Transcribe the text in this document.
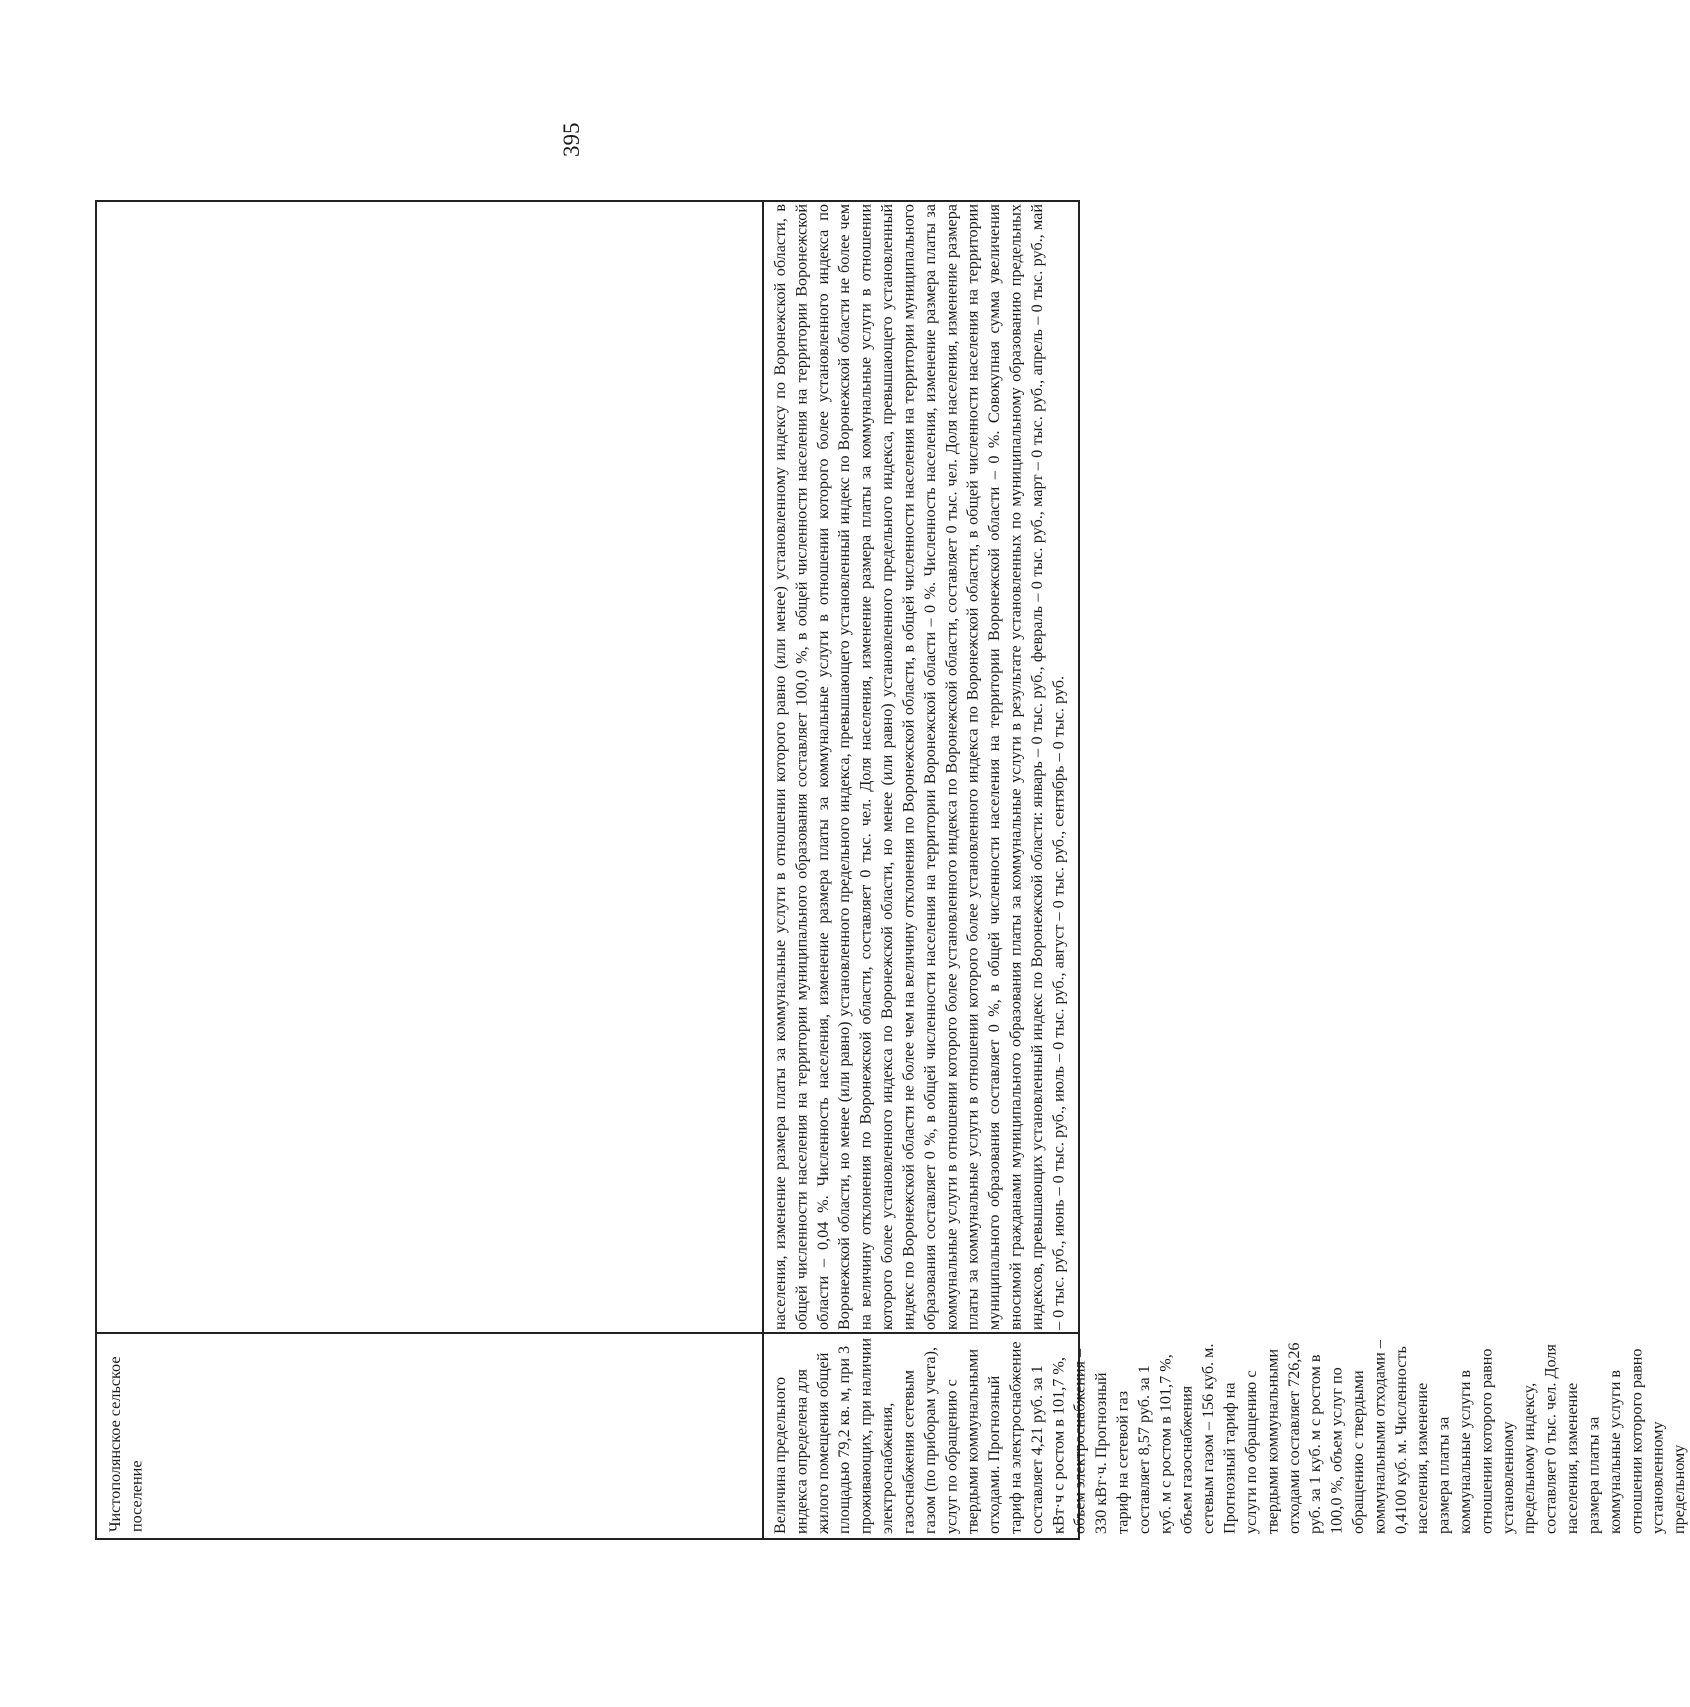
395
населения, изменение размера платы за коммунальные услуги в отношении которого равно (или менее) установленному индексу по Воронежской области, в общей численности населения на территории муниципального образования составляет 100,0 %, в общей численности населения на территории Воронежской области – 0,04 %. Численность населения, изменение размера платы за коммунальные услуги в отношении которого более установленного индекса по Воронежской области, но менее (или равно) установленного предельного индекса, превышающего установленный индекс по Воронежской области не более чем на величину отклонения по Воронежской области, составляет 0 тыс. чел. Доля населения, изменение размера платы за коммунальные услуги в отношении которого более установленного индекса по Воронежской области, но менее (или равно) установленного предельного индекса, превышающего установленный индекс по Воронежской области не более чем на величину отклонения по Воронежской области, в общей численности населения на территории муниципального образования составляет 0 %, в общей численности населения на территории Воронежской области – 0 %. Численность населения, изменение размера платы за коммунальные услуги в отношении которого более установленного индекса по Воронежской области, составляет 0 тыс. чел. Доля населения, изменение размера платы за коммунальные услуги в отношении которого более установленного индекса по Воронежской области, в общей численности населения на территории муниципального образования составляет 0 %, в общей численности населения на территории Воронежской области – 0 %. Совокупная сумма увеличения вносимой гражданами муниципального образования платы за коммунальные услуги в результате установленных по муниципальному образованию предельных индексов, превышающих установленный индекс по Воронежской области: январь – 0 тыс. руб., февраль – 0 тыс. руб., март – 0 тыс. руб., апрель – 0 тыс. руб., май – 0 тыс. руб., июнь – 0 тыс. руб., июль – 0 тыс. руб., август – 0 тыс. руб., сентябрь – 0 тыс. руб.
Чистополянское сельское поселение	Величина предельного индекса определена для жилого помещения общей площадью 79,2 кв. м, при 3 проживающих, при наличии электроснабжения, газоснабжения сетевым газом (по приборам учета), услуг по обращению с твердыми коммунальными отходами. Прогнозный тариф на электроснабжение составляет 4,21 руб. за 1 кВт·ч с ростом в 101,7 %, объем электроснабжения – 330 кВт·ч. Прогнозный тариф на сетевой газ составляет 8,57 руб. за 1 куб. м с ростом в 101,7 %, объем газоснабжения сетевым газом – 156 куб. м. Прогнозный тариф на услуги по обращению с твердыми коммунальными отходами составляет 726,26 руб. за 1 куб. м с ростом в 100,0 %, объем услуг по обращению с твердыми коммунальными отходами – 0,4100 куб. м. Численность населения, изменение размера платы за коммунальные услуги в отношении которого равно установленному предельному индексу, составляет 0 тыс. чел. Доля населения, изменение размера платы за коммунальные услуги в отношении которого равно установленному предельному
